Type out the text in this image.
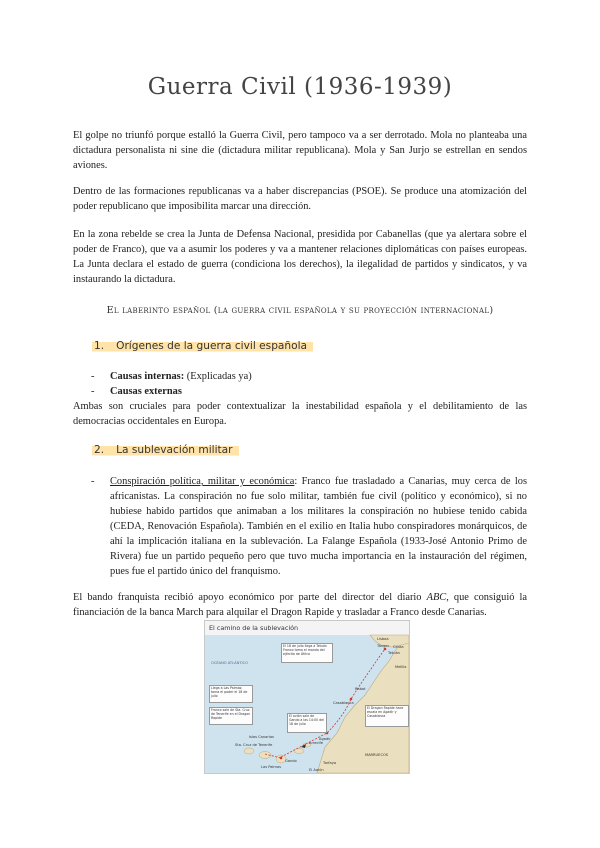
Guerra Civil (1936-1939)

El golpe no triunfó porque estalló la Guerra Civil, pero tampoco va a ser derrotado. Mola no planteaba una dictadura personalista ni sine die (dictadura militar republicana). Mola y San Jurjo se estrellan en sendos aviones.

Dentro de las formaciones republicanas va a haber discrepancias (PSOE). Se produce una atomización del poder republicano que imposibilita marcar una dirección.

En la zona rebelde se crea la Junta de Defensa Nacional, presidida por Cabanellas (que ya alertara sobre el poder de Franco), que va a asumir los poderes y va a mantener relaciones diplomáticas con países europeas. La Junta declara el estado de guerra (condiciona los derechos), la ilegalidad de partidos y sindicatos, y va instaurando la dictadura.

El laberinto español (la guerra civil española y su proyección internacional)
1. Orígenes de la guerra civil española
- Causas internas: (Explicadas ya)
- Causas externas

Ambas son cruciales para poder contextualizar la inestabilidad española y el debilitamiento de las democracias occidentales en Europa.

2. La sublevación militar
- Conspiración política, militar y económica: Franco fue trasladado a Canarias, muy cerca de los africanistas. La conspiración no fue solo militar, también fue civil (político y económico), si no hubiese habido partidos que animaban a los militares la conspiración no hubiese tenido cabida (CEDA, Renovación Española). También en el exilio en Italia hubo conspiradores monárquicos, de ahí la implicación italiana en la sublevación. La Falange Española (1933-José Antonio Primo de Rivera) fue un partido pequeño pero que tuvo mucha importancia en la instauración del régimen, pues fue el partido único del franquismo.

El bando franquista recibió apoyo económico por parte del director del diario ABC, que consiguió la financiación de la banca March para alquilar el Dragon Rapide y trasladar a Franco desde Canarias.

El camino de la sublevación
OCÉANO ATLÁNTICO
MARRUECOS
Rabat
Casablanca
Agadir
Tetuán
Ceuta
Tánger
Melilla
Lisboa
Gando
Las Palmas
Sta. Cruz de Tenerife
Tarfaya
El Aaiún
Arrecife
Islas Canarias
El 18 de julio llega a Tetuán Franco toma el mando del ejército de África
Llega a Las Palmas; toma el poder el 18 de julio
Franco sale de Sta. Cruz de Tenerife en el Dragon Rapide
El Dragon Rapide hace escala en Agadir y Casablanca
El avión sale de Gando a las 14:00 del 18 de julio
